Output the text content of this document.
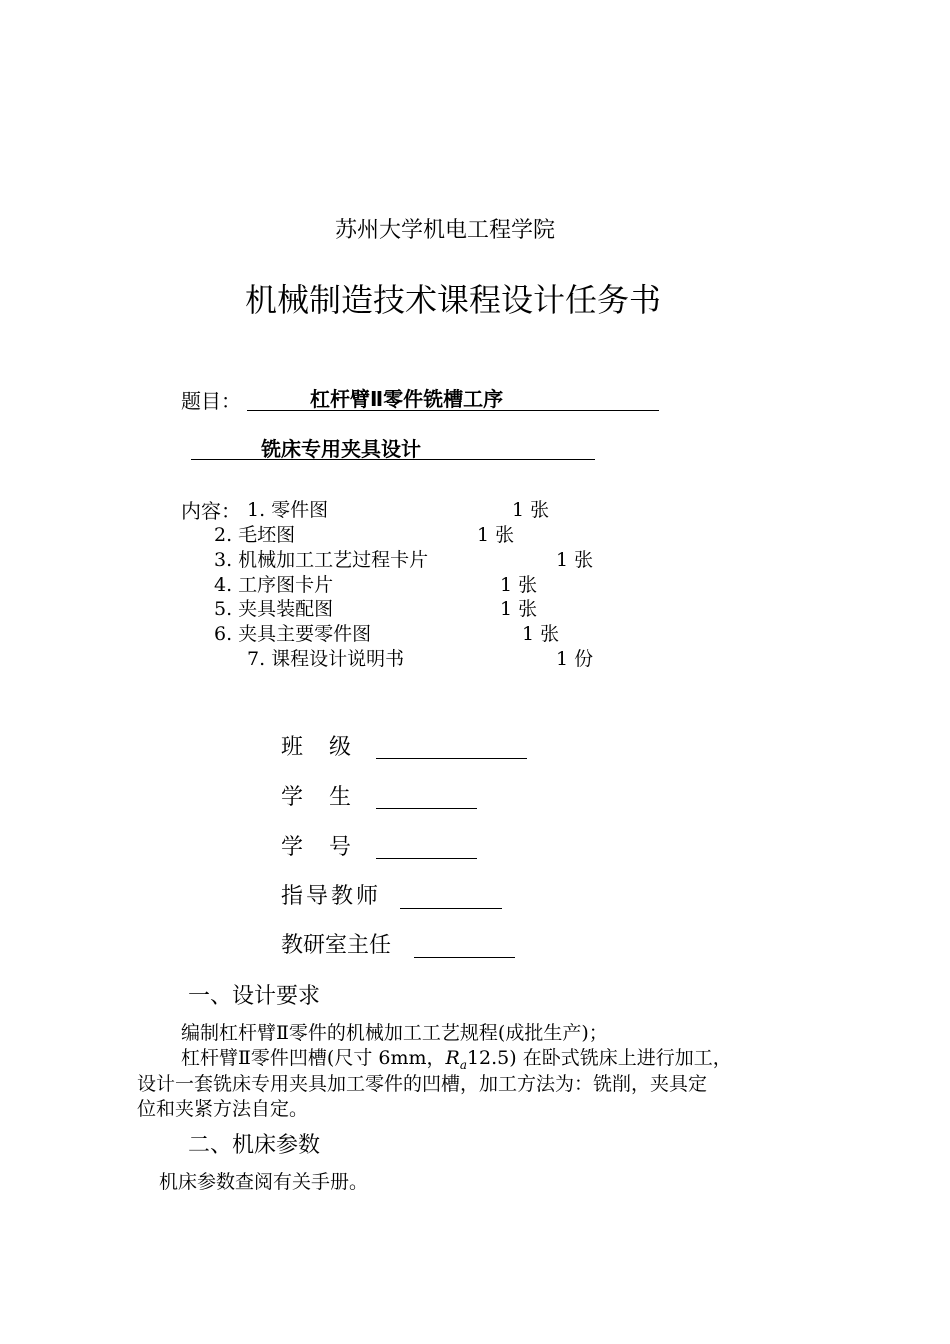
苏州大学机电工程学院
机械制造技术课程设计任务书
题目：	杠杆臂Ⅱ零件铣槽工序
铣床专用夹具设计
内容： 1. 零件图	1 张
2. 毛坯图	1 张
3. 机械加工工艺过程卡片	1 张
4. 工序图卡片	1 张
5. 夹具装配图	1 张
6. 夹具主要零件图	1 张
7. 课程设计说明书	1 份
班　级
学　生
学　号
指导教师
教研室主任
一、设计要求
编制杠杆臂Ⅱ零件的机械加工工艺规程(成批生产)；
杠杆臂Ⅱ零件凹槽(尺寸 6mm，$R_a12.5$) 在卧式铣床上进行加工，
设计一套铣床专用夹具加工零件的凹槽，加工方法为：铣削，夹具定
位和夹紧方法自定。
二、机床参数
机床参数查阅有关手册。
